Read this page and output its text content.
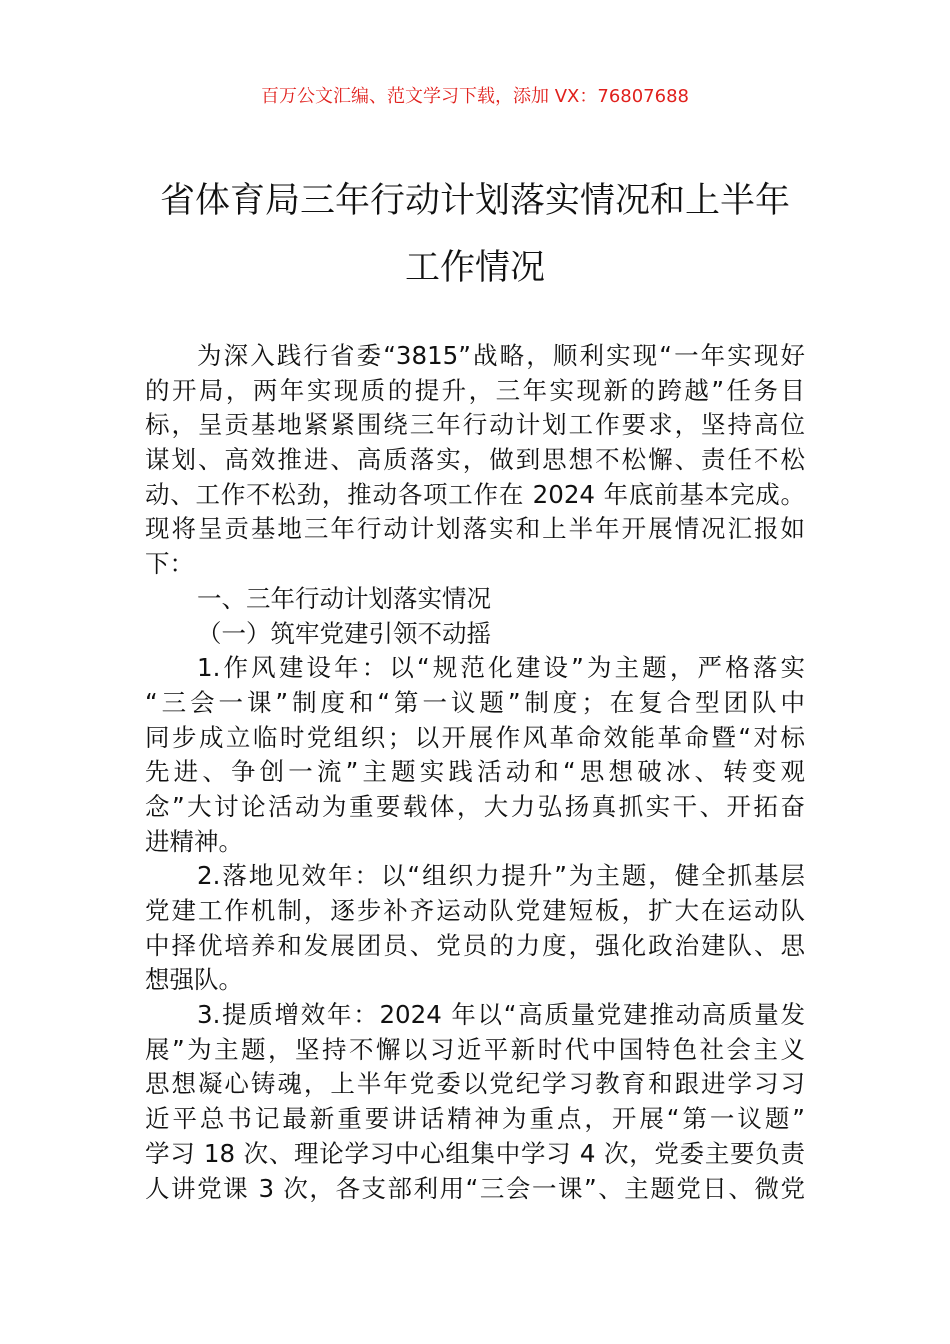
百万公文汇编、范文学习下载，添加 VX：76807688
省体育局三年行动计划落实情况和上半年
工作情况
为深入践行省委“3815”战略，顺利实现“一年实现好
的开局，两年实现质的提升，三年实现新的跨越”任务目
标，呈贡基地紧紧围绕三年行动计划工作要求，坚持高位
谋划、高效推进、高质落实，做到思想不松懈、责任不松
动、工作不松劲，推动各项工作在 2024 年底前基本完成。
现将呈贡基地三年行动计划落实和上半年开展情况汇报如
下：
一、三年行动计划落实情况
（一）筑牢党建引领不动摇
1.作风建设年：以“规范化建设”为主题，严格落实
“三会一课”制度和“第一议题”制度；在复合型团队中
同步成立临时党组织；以开展作风革命效能革命暨“对标
先进、争创一流”主题实践活动和“思想破冰、转变观
念”大讨论活动为重要载体，大力弘扬真抓实干、开拓奋
进精神。
2.落地见效年：以“组织力提升”为主题，健全抓基层
党建工作机制，逐步补齐运动队党建短板，扩大在运动队
中择优培养和发展团员、党员的力度，强化政治建队、思
想强队。
3.提质增效年：2024 年以“高质量党建推动高质量发
展”为主题，坚持不懈以习近平新时代中国特色社会主义
思想凝心铸魂，上半年党委以党纪学习教育和跟进学习习
近平总书记最新重要讲话精神为重点，开展“第一议题”
学习 18 次、理论学习中心组集中学习 4 次，党委主要负责
人讲党课 3 次，各支部利用“三会一课”、主题党日、微党
